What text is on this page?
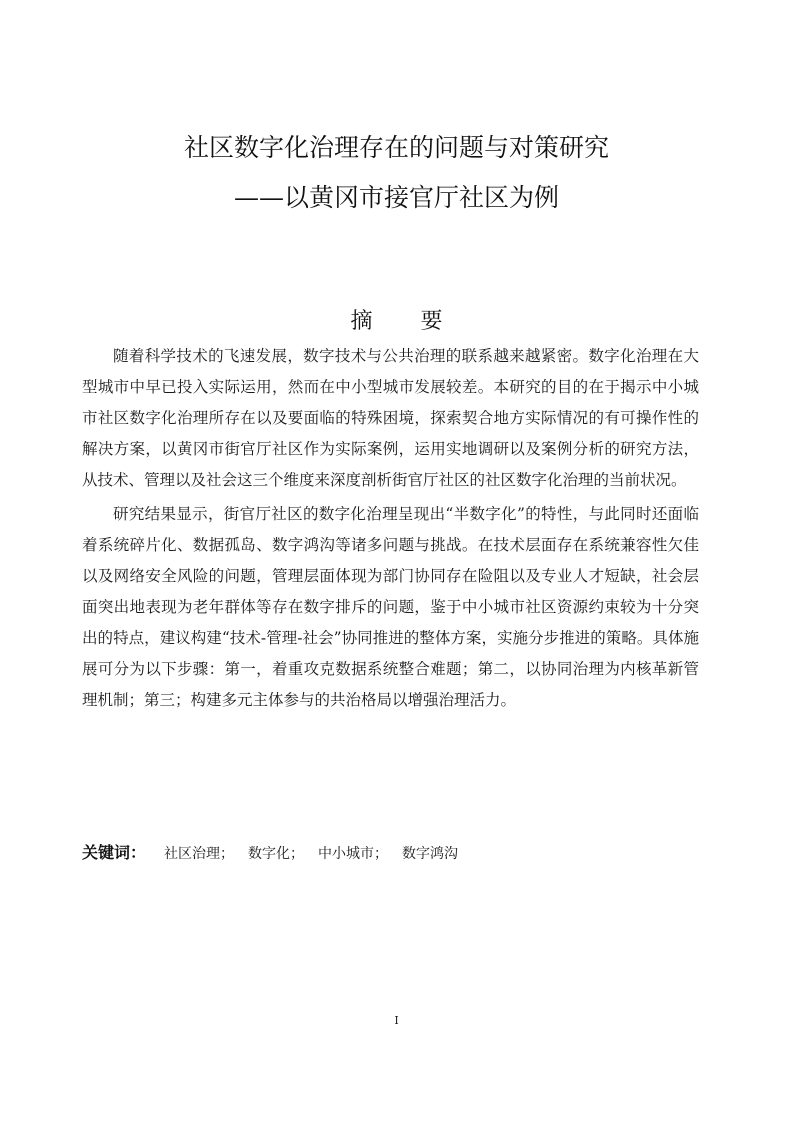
社区数字化治理存在的问题与对策研究
——以黄冈市接官厅社区为例
摘 要

随着科学技术的飞速发展，数字技术与公共治理的联系越来越紧密。数字化治理在大型城市中早已投入实际运用，然而在中小型城市发展较差。本研究的目的在于揭示中小城市社区数字化治理所存在以及要面临的特殊困境，探索契合地方实际情况的有可操作性的解决方案，以黄冈市街官厅社区作为实际案例，运用实地调研以及案例分析的研究方法，从技术、管理以及社会这三个维度来深度剖析街官厅社区的社区数字化治理的当前状况。

研究结果显示，街官厅社区的数字化治理呈现出“半数字化”的特性，与此同时还面临着系统碎片化、数据孤岛、数字鸿沟等诸多问题与挑战。在技术层面存在系统兼容性欠佳以及网络安全风险的问题，管理层面体现为部门协同存在险阻以及专业人才短缺，社会层面突出地表现为老年群体等存在数字排斥的问题，鉴于中小城市社区资源约束较为十分突出的特点，建议构建“技术-管理-社会”协同推进的整体方案，实施分步推进的策略。具体施展可分为以下步骤：第一，着重攻克数据系统整合难题；第二，以协同治理为内核革新管理机制；第三；构建多元主体参与的共治格局以增强治理活力。

关键词： 社区治理； 数字化； 中小城市； 数字鸿沟
I
